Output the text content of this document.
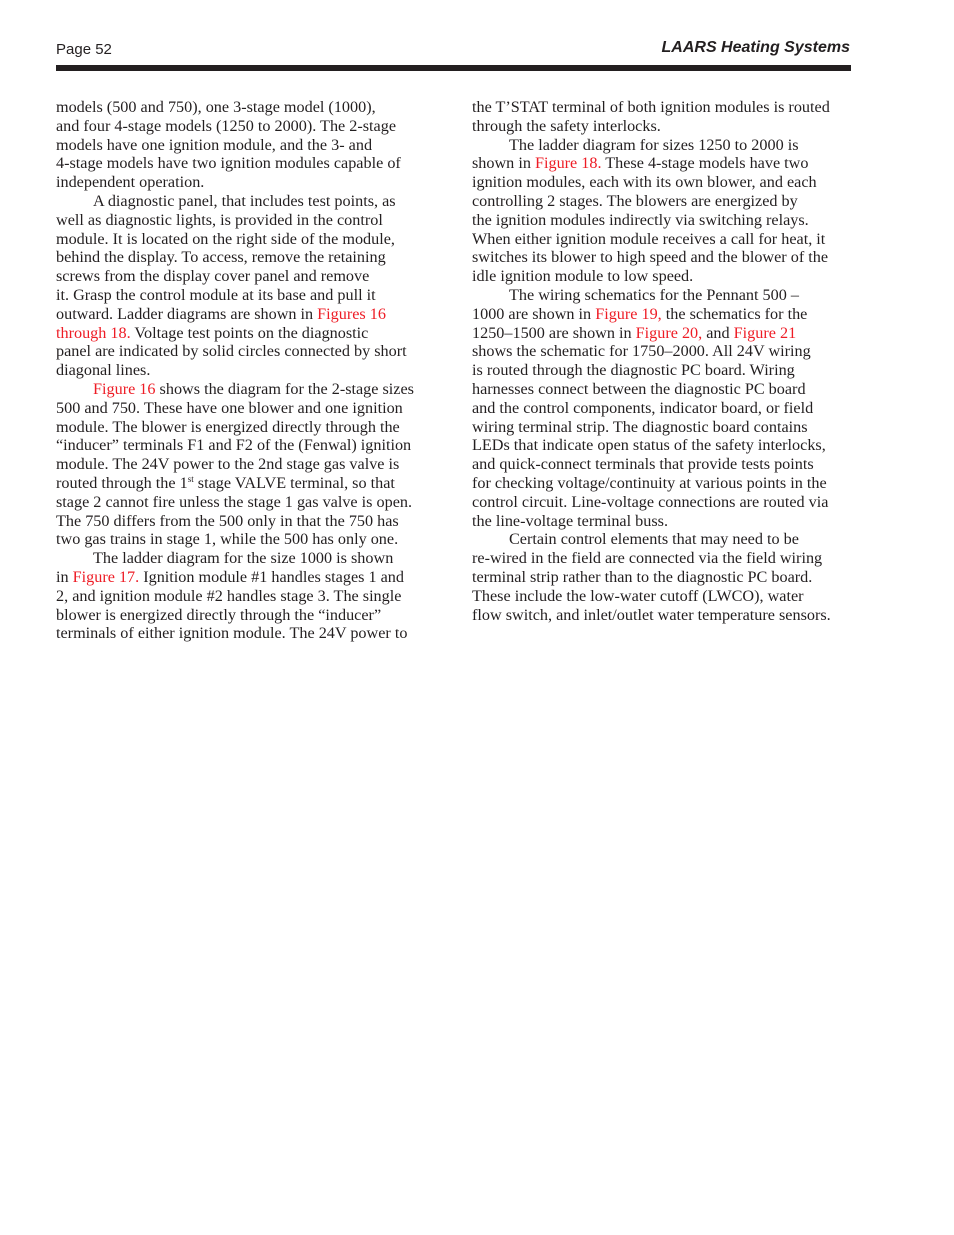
Page 52	LAARS Heating Systems
models (500 and 750), one 3-stage model (1000),
and four 4-stage models (1250 to 2000). The 2-stage
models have one ignition module, and the 3- and
4-stage models have two ignition modules capable of
independent operation.
A diagnostic panel, that includes test points, as
well as diagnostic lights, is provided in the control
module. It is located on the right side of the module,
behind the display. To access, remove the retaining
screws from the display cover panel and remove
it. Grasp the control module at its base and pull it
outward. Ladder diagrams are shown in Figures 16
through 18. Voltage test points on the diagnostic
panel are indicated by solid circles connected by short
diagonal lines.
Figure 16 shows the diagram for the 2-stage sizes
500 and 750. These have one blower and one ignition
module. The blower is energized directly through the
“inducer” terminals F1 and F2 of the (Fenwal) ignition
module. The 24V power to the 2nd stage gas valve is
routed through the 1st stage VALVE terminal, so that
stage 2 cannot fire unless the stage 1 gas valve is open.
The 750 differs from the 500 only in that the 750 has
two gas trains in stage 1, while the 500 has only one.
The ladder diagram for the size 1000 is shown
in Figure 17. Ignition module #1 handles stages 1 and
2, and ignition module #2 handles stage 3. The single
blower is energized directly through the “inducer”
terminals of either ignition module. The 24V power to
the T’STAT terminal of both ignition modules is routed
through the safety interlocks.
The ladder diagram for sizes 1250 to 2000 is
shown in Figure 18. These 4-stage models have two
ignition modules, each with its own blower, and each
controlling 2 stages. The blowers are energized by
the ignition modules indirectly via switching relays.
When either ignition module receives a call for heat, it
switches its blower to high speed and the blower of the
idle ignition module to low speed.
The wiring schematics for the Pennant 500 –
1000 are shown in Figure 19, the schematics for the
1250–1500 are shown in Figure 20, and Figure 21
shows the schematic for 1750–2000. All 24V wiring
is routed through the diagnostic PC board. Wiring
harnesses connect between the diagnostic PC board
and the control components, indicator board, or field
wiring terminal strip. The diagnostic board contains
LEDs that indicate open status of the safety interlocks,
and quick-connect terminals that provide tests points
for checking voltage/continuity at various points in the
control circuit. Line-voltage connections are routed via
the line-voltage terminal buss.
Certain control elements that may need to be
re-wired in the field are connected via the field wiring
terminal strip rather than to the diagnostic PC board.
These include the low-water cutoff (LWCO), water
flow switch, and inlet/outlet water temperature sensors.
